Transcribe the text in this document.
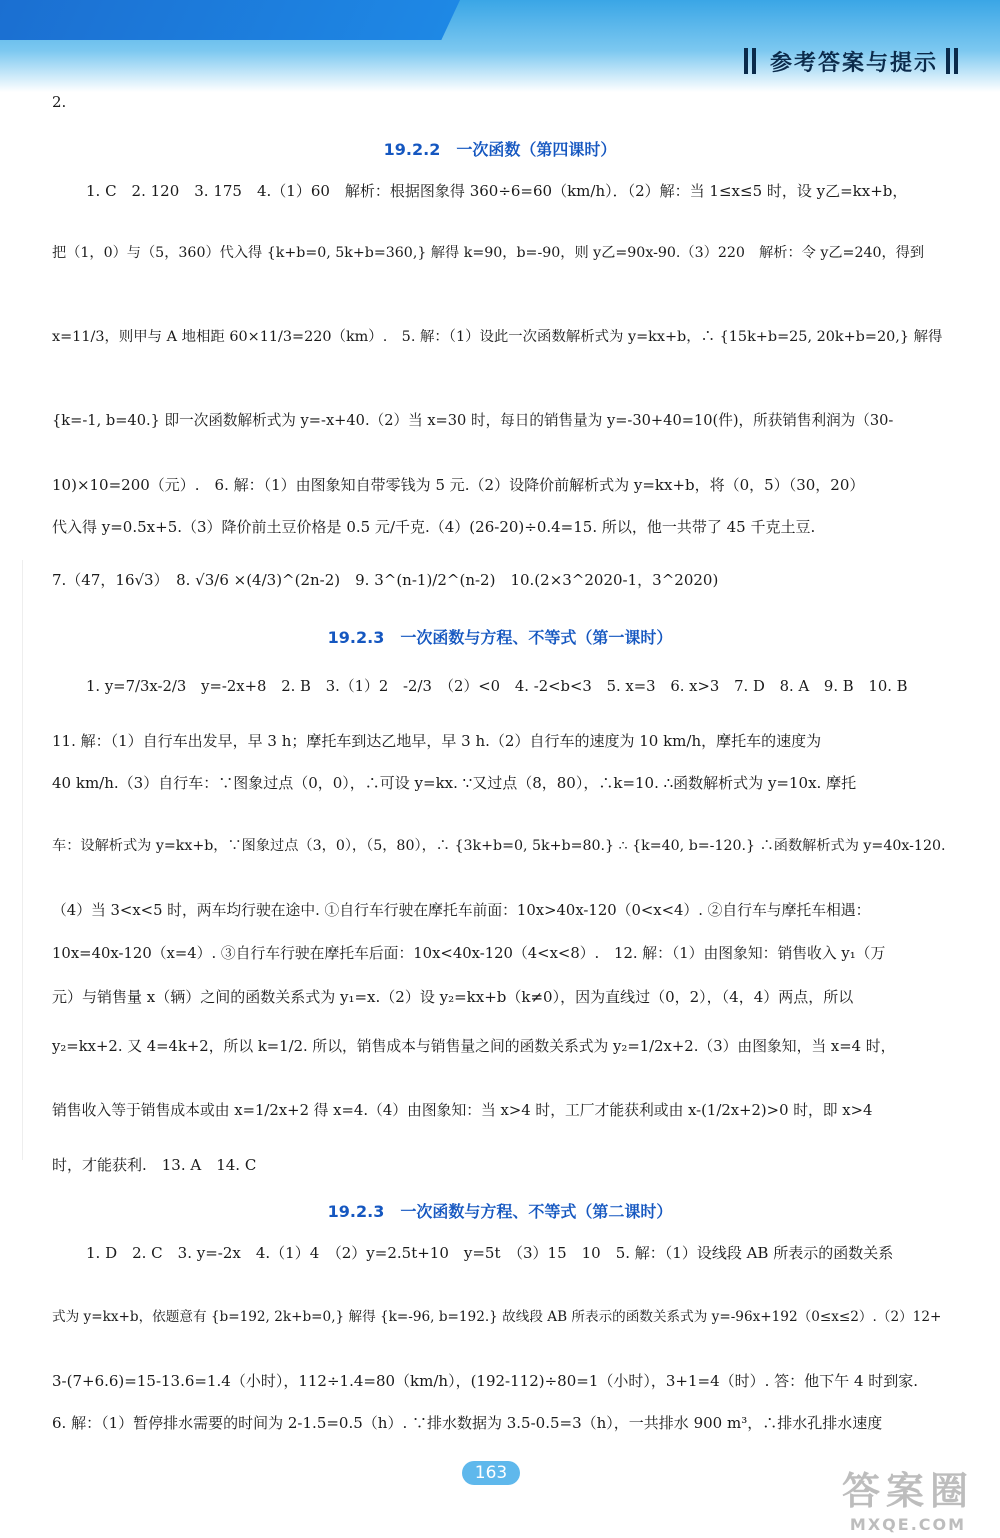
参考答案与提示
2.
19.2.2　一次函数（第四课时）
1. C　2. 120　3. 175　4.（1）60　解析：根据图象得 360÷6=60（km/h）．（2）解：当 1≤x≤5 时，设 y乙=kx+b，
把（1，0）与（5，360）代入得 {k+b=0, 5k+b=360,} 解得 k=90，b=-90，则 y乙=90x-90.（3）220　解析：令 y乙=240，得到
x=11/3，则甲与 A 地相距 60×11/3=220（km）.　5. 解：（1）设此一次函数解析式为 y=kx+b，∴ {15k+b=25, 20k+b=20,} 解得
{k=-1, b=40.} 即一次函数解析式为 y=-x+40.（2）当 x=30 时，每日的销售量为 y=-30+40=10(件)，所获销售利润为（30-
10)×10=200（元）.　6. 解：（1）由图象知自带零钱为 5 元.（2）设降价前解析式为 y=kx+b，将（0，5）（30，20）
代入得 y=0.5x+5.（3）降价前土豆价格是 0.5 元/千克.（4）(26-20)÷0.4=15. 所以，他一共带了 45 千克土豆.
7.（47，16√3）　8. √3/6 ×(4/3)^(2n-2)　9. 3^(n-1)/2^(n-2)　10.(2×3^2020-1，3^2020)
19.2.3　一次函数与方程、不等式（第一课时）
1. y=7/3x-2/3　y=-2x+8　2. B　3.（1）2　-2/3　（2）<0　4. -2<b<3　5. x=3　6. x>3　7. D　8. A　9. B　10. B
11. 解：（1）自行车出发早，早 3 h；摩托车到达乙地早，早 3 h.（2）自行车的速度为 10 km/h，摩托车的速度为
40 km/h.（3）自行车：∵图象过点（0，0），∴可设 y=kx. ∵又过点（8，80），∴k=10. ∴函数解析式为 y=10x. 摩托
车：设解析式为 y=kx+b，∵图象过点（3，0），（5，80），∴ {3k+b=0, 5k+b=80.} ∴ {k=40, b=-120.} ∴函数解析式为 y=40x-120.
（4）当 3<x<5 时，两车均行驶在途中. ①自行车行驶在摩托车前面：10x>40x-120（0<x<4）. ②自行车与摩托车相遇：
10x=40x-120（x=4）. ③自行车行驶在摩托车后面：10x<40x-120（4<x<8）.　12. 解：（1）由图象知：销售收入 y₁（万
元）与销售量 x（辆）之间的函数关系式为 y₁=x.（2）设 y₂=kx+b（k≠0），因为直线过（0，2），（4，4）两点，所以
y₂=kx+2. 又 4=4k+2，所以 k=1/2. 所以，销售成本与销售量之间的函数关系式为 y₂=1/2x+2.（3）由图象知，当 x=4 时，
销售收入等于销售成本或由 x=1/2x+2 得 x=4.（4）由图象知：当 x>4 时，工厂才能获利或由 x-(1/2x+2)>0 时，即 x>4
时，才能获利.　13. A　14. C
19.2.3　一次函数与方程、不等式（第二课时）
1. D　2. C　3. y=-2x　4.（1）4　（2）y=2.5t+10　y=5t　（3）15　10　5. 解：（1）设线段 AB 所表示的函数关系
式为 y=kx+b，依题意有 {b=192, 2k+b=0,} 解得 {k=-96, b=192.} 故线段 AB 所表示的函数关系式为 y=-96x+192（0≤x≤2）.（2）12+
3-(7+6.6)=15-13.6=1.4（小时），112÷1.4=80（km/h），(192-112)÷80=1（小时），3+1=4（时）. 答：他下午 4 时到家.
6. 解：（1）暂停排水需要的时间为 2-1.5=0.5（h）. ∵排水数据为 3.5-0.5=3（h），一共排水 900 m³，∴排水孔排水速度
163	答案圈
MXQE.COM
